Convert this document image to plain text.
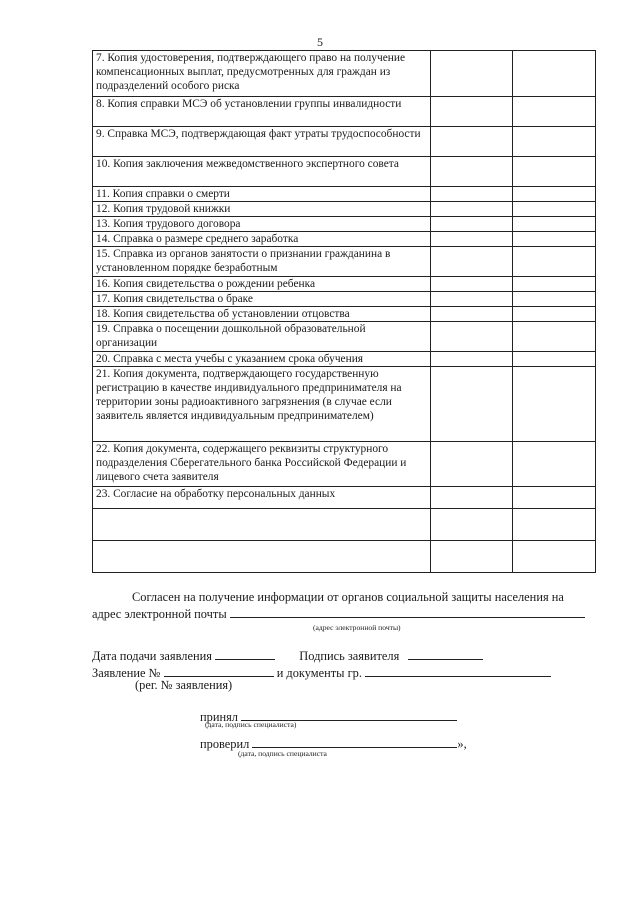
5
7. Копия удостоверения, подтверждающего право на получение компенсационных выплат, предусмотренных для граждан из подразделений особого риска		
8. Копия справки МСЭ об установлении группы инвалидности		
9. Справка МСЭ, подтверждающая факт утраты трудоспособности		
10. Копия заключения межведомственного экспертного совета		
11. Копия справки о смерти		
12. Копия трудовой книжки		
13. Копия трудового договора		
14. Справка о размере среднего заработка		
15. Справка из органов занятости о признании гражданина в установленном порядке безработным		
16. Копия свидетельства о рождении ребенка		
17. Копия свидетельства о браке		
18. Копия свидетельства об установлении отцовства		
19. Справка о посещении дошкольной образовательной организации		
20. Справка с места учебы с указанием срока обучения		
21. Копия документа, подтверждающего государственную регистрацию в качестве индивидуального предпринимателя на территории зоны радиоактивного загрязнения (в случае если заявитель является индивидуальным предпринимателем)		
22. Копия документа, содержащего реквизиты структурного подразделения Сберегательного банка Российской Федерации и лицевого счета заявителя		
23. Согласие на обработку персональных данных		

Согласен на получение информации от органов социальной защиты населения на
адрес электронной почты
(адрес электронной почты)
Дата подачи заявления	Подпись заявителя
Заявление №	и документы гр.
(рег. № заявления)
принял
(дата, подпись специалиста)
проверил	»,
(дата, подпись специалиста
